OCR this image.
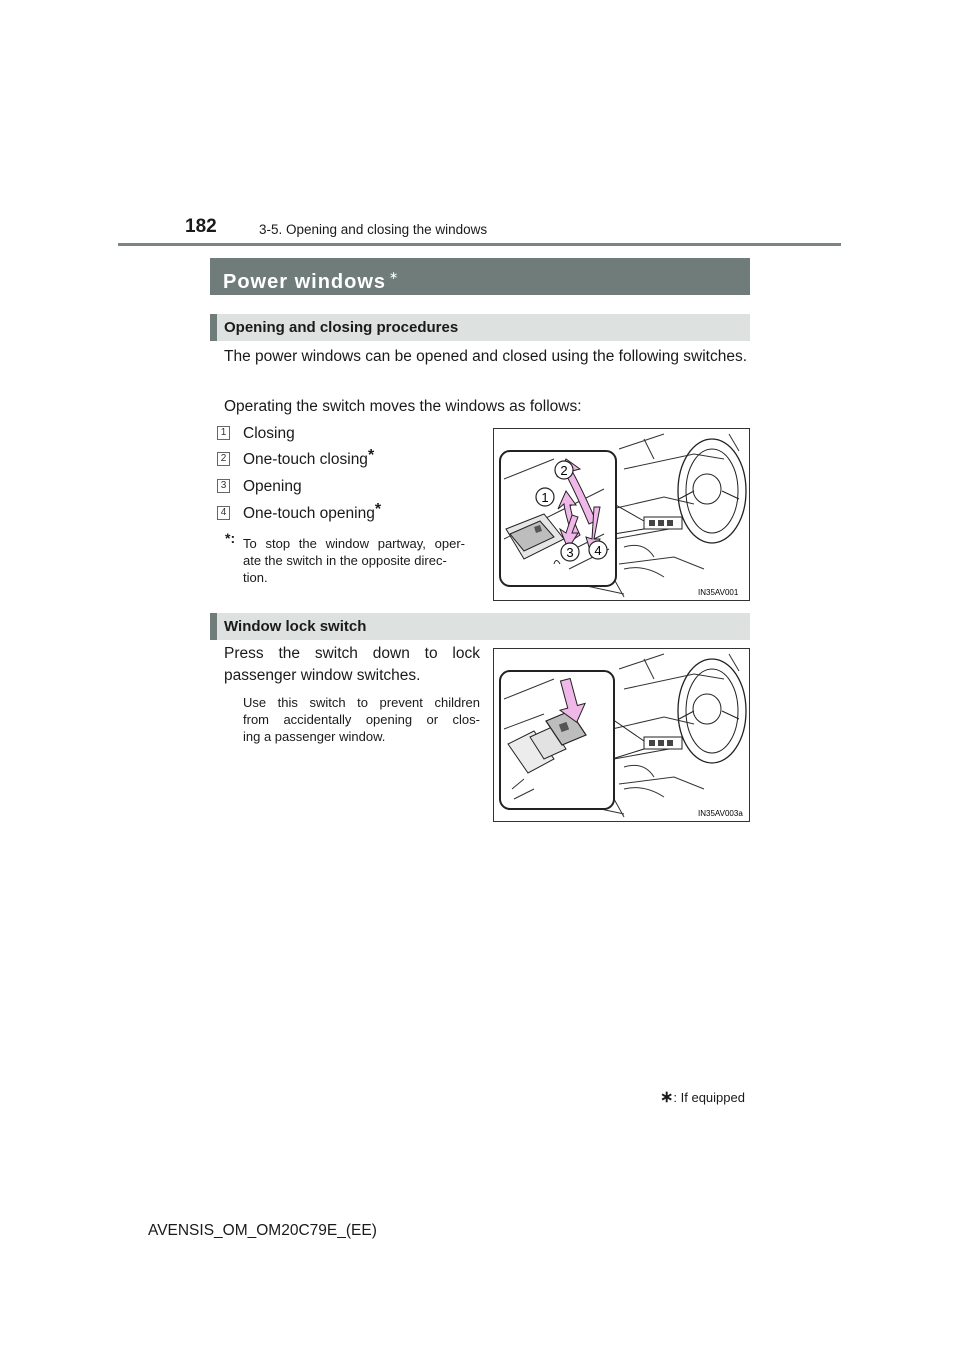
182	3-5. Opening and closing the windows
Power windows ∗
Opening and closing procedures
The power windows can be opened and closed using the following switches.
Operating the switch moves the windows as follows:
1 Closing
2 One-touch closing*
3 Opening
4 One-touch opening*
*: To stop the window partway, oper-
ate the switch in the opposite direc-
tion.
2
1
3 4
IN35AV001
Window lock switch
Press the switch down to lock
passenger window switches.
Use this switch to prevent children
from accidentally opening or clos-
ing a passenger window.
IN35AV003a
∗: If equipped
AVENSIS_OM_OM20C79E_(EE)
